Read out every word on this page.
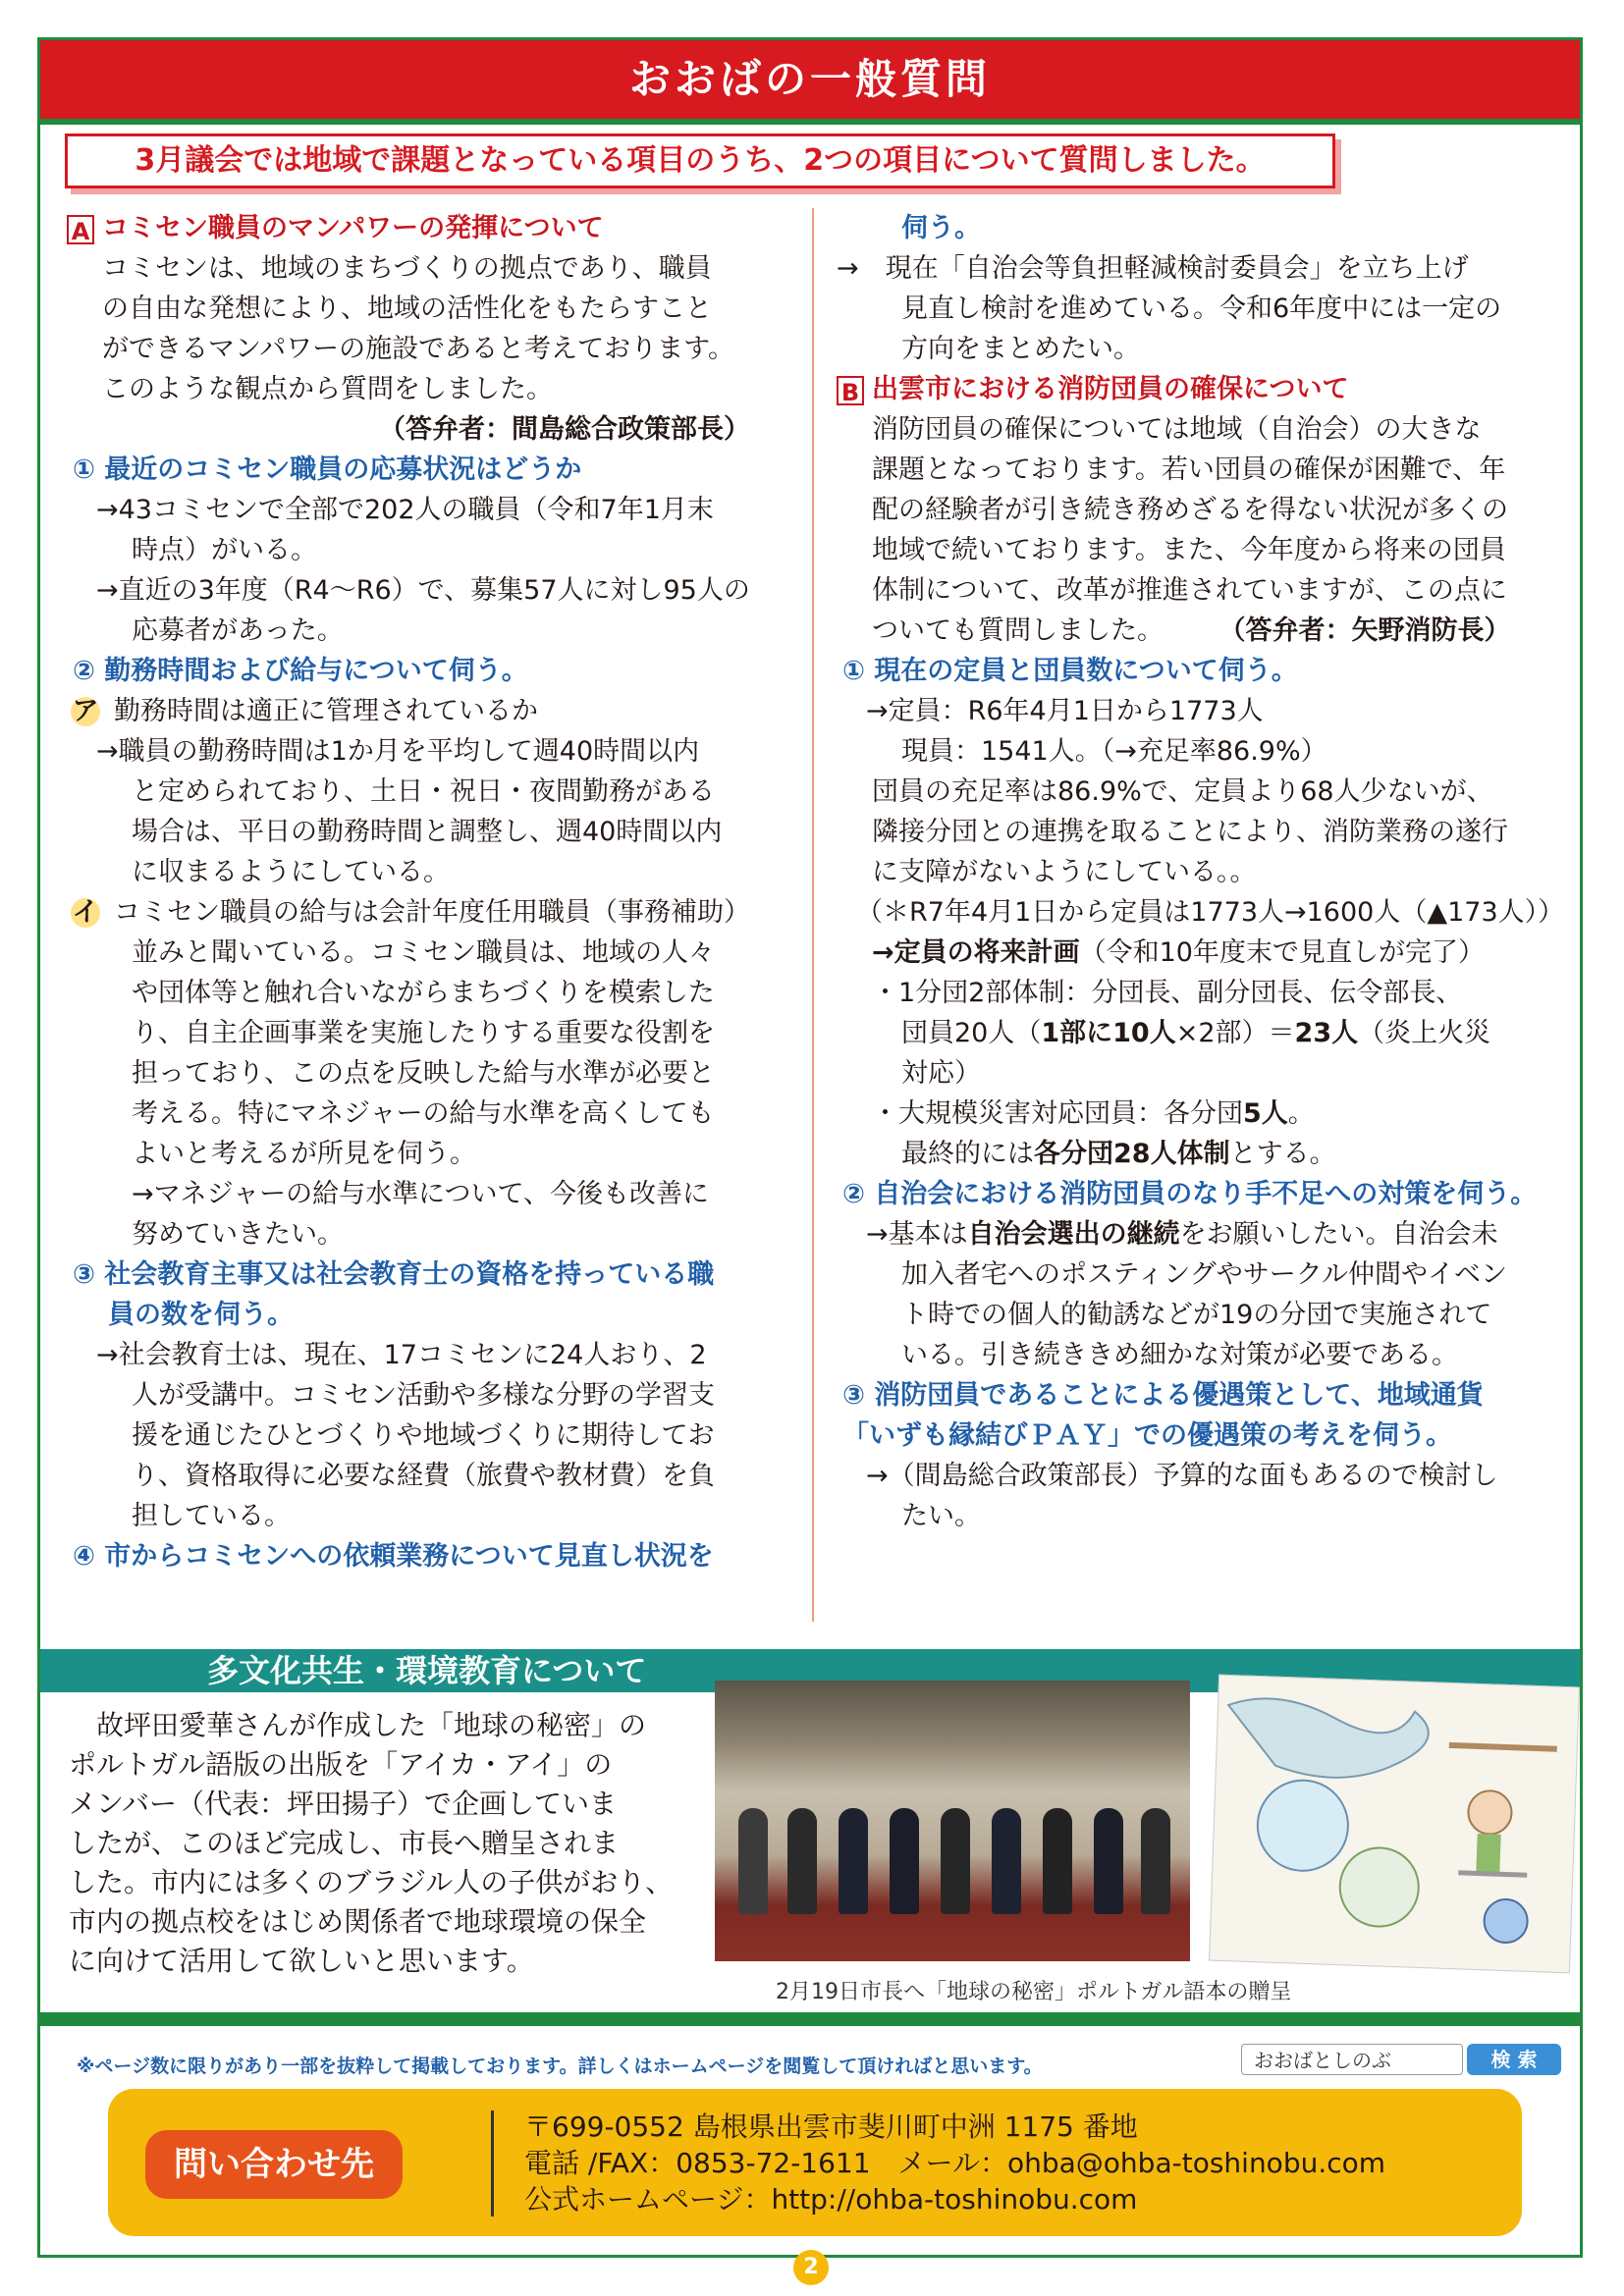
おおばの一般質問
3月議会では地域で課題となっている項目のうち、2つの項目について質問しました。
A コミセン職員のマンパワーの発揮について
コミセンは、地域のまちづくりの拠点であり、職員
の自由な発想により、地域の活性化をもたらすこと
ができるマンパワーの施設であると考えております。
このような観点から質問をしました。
（答弁者：間島総合政策部長）
① 最近のコミセン職員の応募状況はどうか
→43コミセンで全部で202人の職員（令和7年1月末
時点）がいる。
→直近の3年度（R4〜R6）で、募集57人に対し95人の
応募者があった。
② 勤務時間および給与について伺う。
ア 勤務時間は適正に管理されているか
→職員の勤務時間は1か月を平均して週40時間以内
と定められており、土日・祝日・夜間勤務がある
場合は、平日の勤務時間と調整し、週40時間以内
に収まるようにしている。
イ コミセン職員の給与は会計年度任用職員（事務補助）
並みと聞いている。コミセン職員は、地域の人々
や団体等と触れ合いながらまちづくりを模索した
り、自主企画事業を実施したりする重要な役割を
担っており、この点を反映した給与水準が必要と
考える。特にマネジャーの給与水準を高くしても
よいと考えるが所見を伺う。
→マネジャーの給与水準について、今後も改善に
努めていきたい。
③ 社会教育主事又は社会教育士の資格を持っている職
員の数を伺う。
→社会教育士は、現在、17コミセンに24人おり、2
人が受講中。コミセン活動や多様な分野の学習支
援を通じたひとづくりや地域づくりに期待してお
り、資格取得に必要な経費（旅費や教材費）を負
担している。
④ 市からコミセンへの依頼業務について見直し状況を
伺う。
→　現在「自治会等負担軽減検討委員会」を立ち上げ
見直し検討を進めている。令和6年度中には一定の
方向をまとめたい。
B 出雲市における消防団員の確保について
消防団員の確保については地域（自治会）の大きな
課題となっております。若い団員の確保が困難で、年
配の経験者が引き続き務めざるを得ない状況が多くの
地域で続いております。また、今年度から将来の団員
体制について、改革が推進されていますが、この点に
ついても質問しました。	（答弁者：矢野消防長）
① 現在の定員と団員数について伺う。
→定員：R6年4月1日から1773人
現員：1541人。（→充足率86.9%）
団員の充足率は86.9%で、定員より68人少ないが、
隣接分団との連携を取ることにより、消防業務の遂行
に支障がないようにしている。。
（＊R7年4月1日から定員は1773人→1600人（▲173人））
→定員の将来計画（令和10年度末で見直しが完了）
・1分団2部体制：分団長、副分団長、伝令部長、
団員20人（1部に10人×2部）＝23人（炎上火災
対応）
・大規模災害対応団員：各分団5人。
最終的には各分団28人体制とする。
② 自治会における消防団員のなり手不足への対策を伺う。
→基本は自治会選出の継続をお願いしたい。自治会未
加入者宅へのポスティングやサークル仲間やイベン
ト時での個人的勧誘などが19の分団で実施されて
いる。引き続ききめ細かな対策が必要である。
③ 消防団員であることによる優遇策として、地域通貨
「いずも縁結びＰＡＹ」での優遇策の考えを伺う。
→（間島総合政策部長）予算的な面もあるので検討し
たい。
多文化共生・環境教育について
　故坪田愛華さんが作成した「地球の秘密」の
ポルトガル語版の出版を「アイカ・アイ」の
メンバー（代表：坪田揚子）で企画していま
したが、このほど完成し、市長へ贈呈されま
した。市内には多くのブラジル人の子供がおり、
市内の拠点校をはじめ関係者で地球環境の保全
に向けて活用して欲しいと思います。
2月19日市長へ「地球の秘密」ポルトガル語本の贈呈
※ページ数に限りがあり一部を抜粋して掲載しております。詳しくはホームページを閲覧して頂ければと思います。	おおばとしのぶ	検 索
問い合わせ先
〒699-0552 島根県出雲市斐川町中洲 1175 番地
電話 /FAX：0853-72-1611　メール：ohba@ohba-toshinobu.com
公式ホームページ：http://ohba-toshinobu.com
2
